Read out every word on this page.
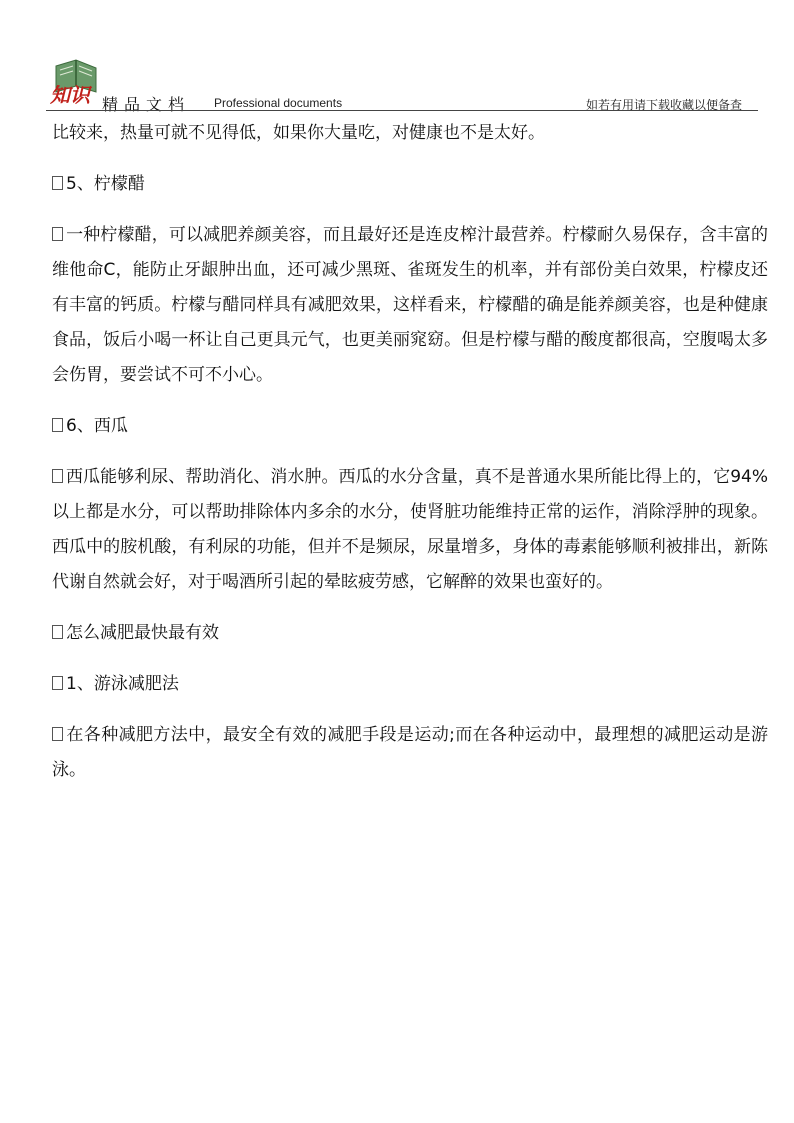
知识 精品文档 Professional documents	如若有用请下载收藏以便备查

比较来，热量可就不见得低，如果你大量吃，对健康也不是太好。

5、柠檬醋

一种柠檬醋，可以减肥养颜美容，而且最好还是连皮榨汁最营养。柠檬耐久易保存，含丰富的维他命C，能防止牙龈肿出血，还可减少黑斑、雀斑发生的机率，并有部份美白效果，柠檬皮还有丰富的钙质。柠檬与醋同样具有减肥效果，这样看来，柠檬醋的确是能养颜美容，也是种健康食品，饭后小喝一杯让自己更具元气，也更美丽窕窈。但是柠檬与醋的酸度都很高，空腹喝太多会伤胃，要尝试不可不小心。

6、西瓜

西瓜能够利尿、帮助消化、消水肿。西瓜的水分含量，真不是普通水果所能比得上的，它94%以上都是水分，可以帮助排除体内多余的水分，使肾脏功能维持正常的运作，消除浮肿的现象。西瓜中的胺机酸，有利尿的功能，但并不是频尿，尿量增多，身体的毒素能够顺利被排出，新陈代谢自然就会好，对于喝酒所引起的晕眩疲劳感，它解醉的效果也蛮好的。

怎么减肥最快最有效

1、游泳减肥法

在各种减肥方法中，最安全有效的减肥手段是运动;而在各种运动中，最理想的减肥运动是游泳。
